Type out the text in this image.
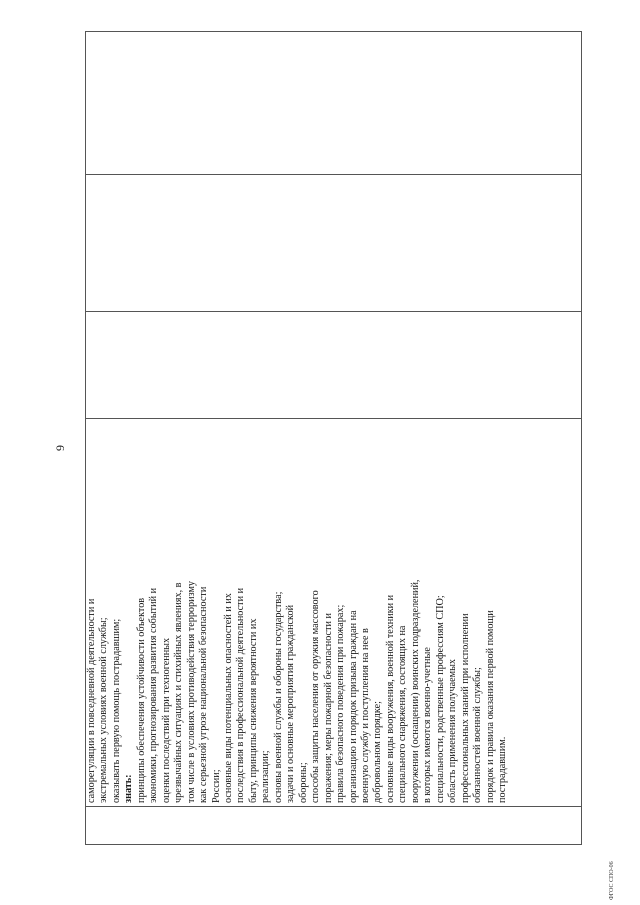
9

саморегуляции в повседневной деятельности и
экстремальных условиях военной службы;
оказывать первую помощь пострадавшим;
знать:
принципы обеспечения устойчивости объектов
экономики, прогнозирования развития событий и
оценки последствий при техногенных
чрезвычайных ситуациях и стихийных явлениях, в
том числе в условиях противодействия терроризму
как серьезной угрозе национальной безопасности
России;
основные виды потенциальных опасностей и их
последствия в профессиональной деятельности и
быту, принципы снижения вероятности их
реализации;
основы военной службы и обороны государства;
задачи и основные мероприятия гражданской
обороны;
способы защиты населения от оружия массового
поражения; меры пожарной безопасности и
правила безопасного поведения при пожарах;
организацию и порядок призыва граждан на
военную службу и поступления на нее в
добровольном порядке;
основные виды вооружения, военной техники и
специального снаряжения, состоящих на
вооружении (оснащении) воинских подразделений,
в которых имеются военно-учетные
специальности, родственные профессиям СПО;
область применения получаемых
профессиональных знаний при исполнении
обязанностей военной службы;
порядок и правила оказания первой помощи
пострадавшим.

ФГОС СПО-06
